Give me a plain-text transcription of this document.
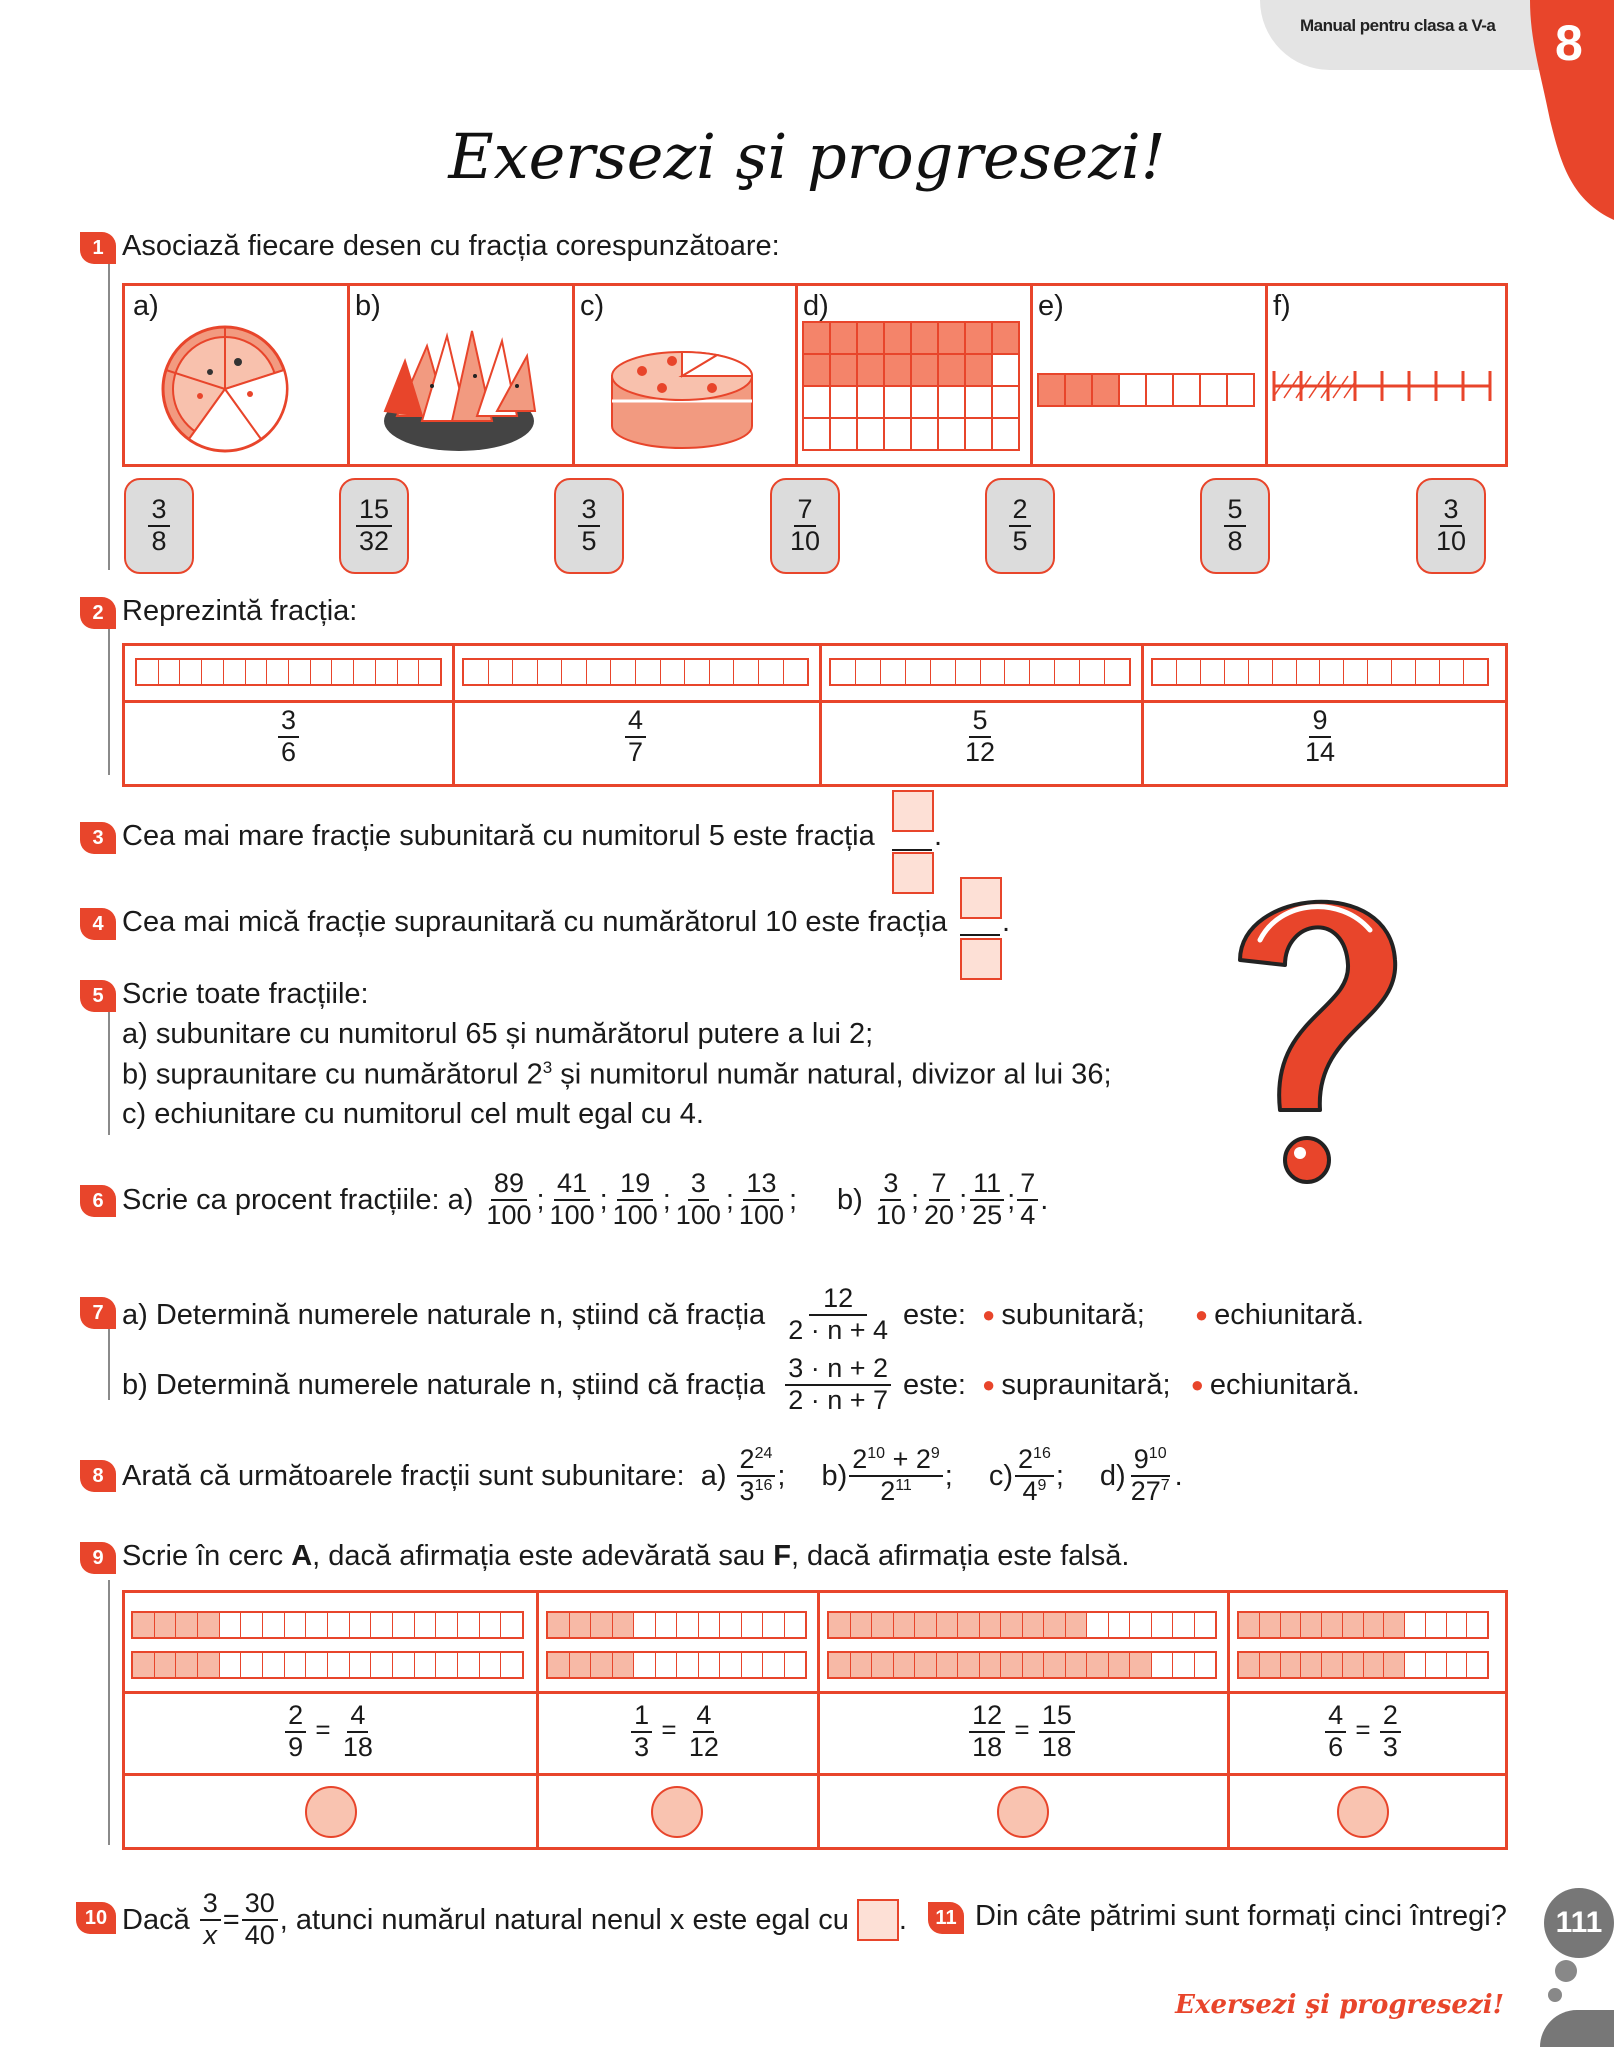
Manual pentru clasa a V-a 8
Exersezi şi progresezi!
1 Asociază fiecare desen cu fracția corespunzătoare:
a)	b)	c)	d)	e)	f)
$\frac{3}{8}$	$\frac{15}{32}$	$\frac{3}{5}$	$\frac{7}{10}$	$\frac{2}{5}$	$\frac{5}{8}$	$\frac{3}{10}$
2 Reprezintă fracția:
$\frac{3}{6}$	$\frac{4}{7}$	$\frac{5}{12}$	$\frac{9}{14}$
3 Cea mai mare fracție subunitară cu numitorul 5 este fracția .
4 Cea mai mică fracție supraunitară cu numărătorul 10 este fracția .
5 Scrie toate fracțiile:
a) subunitare cu numitorul 65 și numărătorul putere a lui 2;
b) supraunitare cu numărătorul $2^3$ și numitorul număr natural, divizor al lui 36;
c) echiunitare cu numitorul cel mult egal cu 4.
6 Scrie ca procent fracțiile: a)
$\frac{89}{100}$ ; $\frac{41}{100}$ ; $\frac{19}{100}$ ; $\frac{3}{100}$ ; $\frac{13}{100}$ ; b)
$\frac{3}{10}$ ; $\frac{7}{20}$ ; $\frac{11}{25}$ ; $\frac{7}{4}$ .
7 a) Determină numerele naturale n, știind că fracția
$\frac{12}{2 \cdot n + 4}$ este:
● subunitară; ● echiunitară.
b) Determină numerele naturale n, știind că fracția
$\frac{3 \cdot n + 2}{2 \cdot n + 7}$ este:
● supraunitară; ● echiunitară.
8 Arată că următoarele fracții sunt subunitare:
a)
$\frac{2^{24}}{3^{16}}$ ; $b) \frac{2^{10} + 2^9}{2^{11}}$ ; $c) \frac{2^{16}}{4^9}$ ; $d) \frac{9^{10}}{27^7}$ .
9 Scrie în cerc A, dacă afirmația este adevărată sau F, dacă afirmația este falsă.
$\frac{2}{9} = \frac{4}{18}$	$\frac{1}{3} = \frac{4}{12}$	$\frac{12}{18} = \frac{15}{18}$	$\frac{4}{6} = \frac{2}{3}$
10 Dacă
$\frac{3}{x} = \frac{30}{40}$ , atunci numărul natural nenul x este egal cu .	11 Din câte pătrimi sunt formați cinci întregi?	111
Exersezi şi progresezi!
